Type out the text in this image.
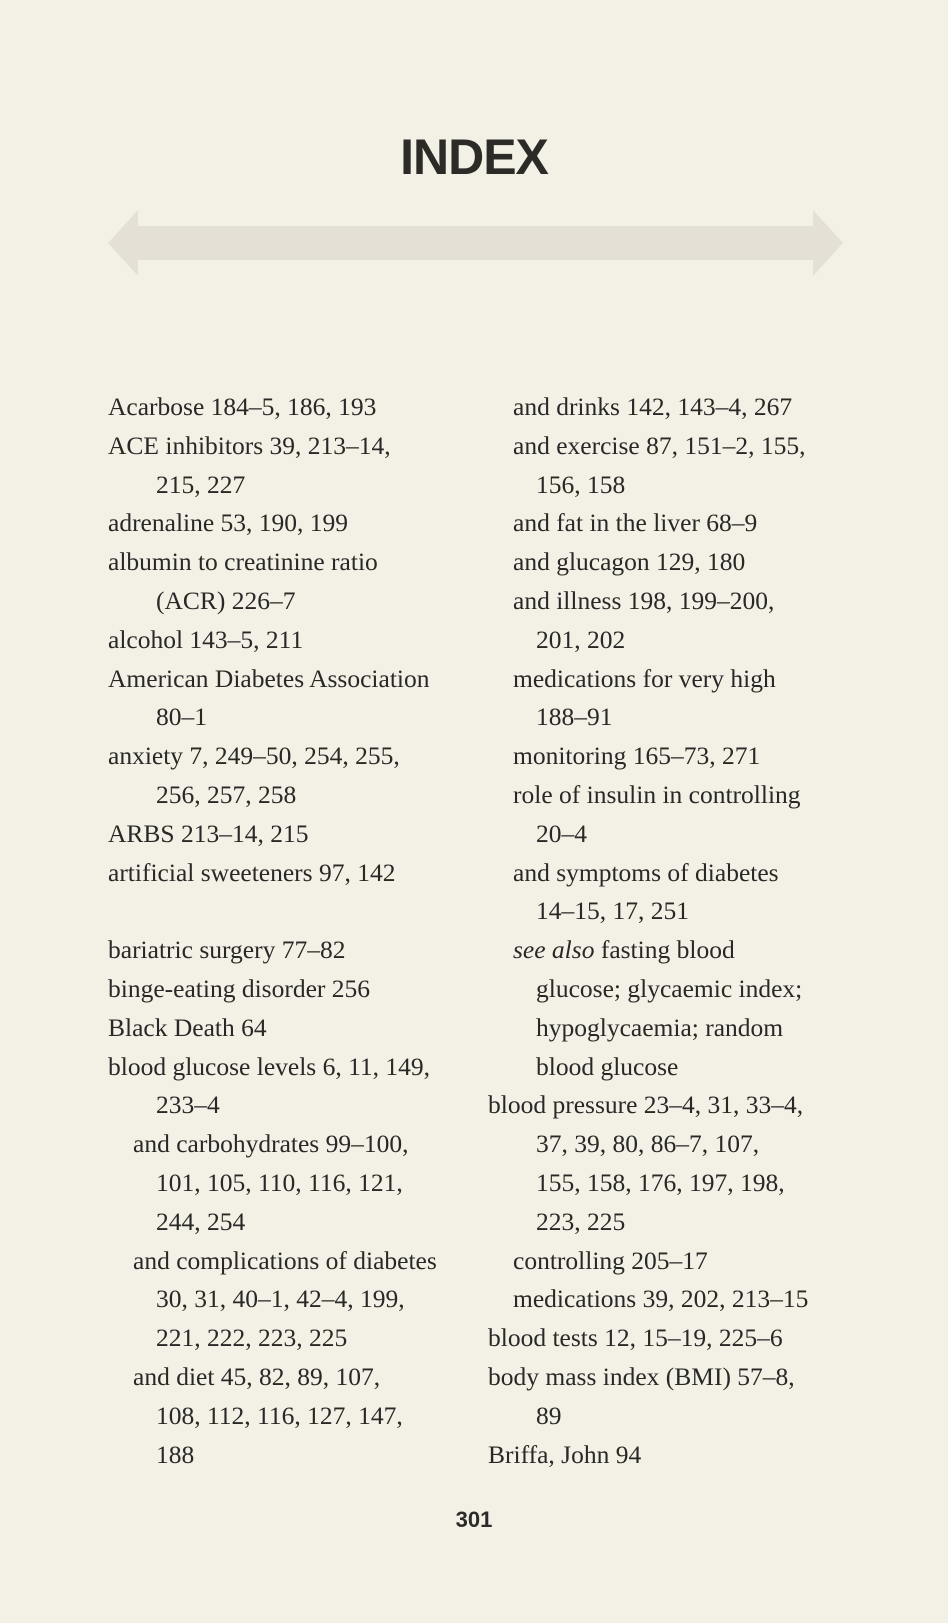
INDEX
Acarbose 184–5, 186, 193
ACE inhibitors 39, 213–14,
215, 227
adrenaline 53, 190, 199
albumin to creatinine ratio
(ACR) 226–7
alcohol 143–5, 211
American Diabetes Association
80–1
anxiety 7, 249–50, 254, 255,
256, 257, 258
ARBS 213–14, 215
artificial sweeteners 97, 142
bariatric surgery 77–82
binge-eating disorder 256
Black Death 64
blood glucose levels 6, 11, 149,
233–4
and carbohydrates 99–100,
101, 105, 110, 116, 121,
244, 254
and complications of diabetes
30, 31, 40–1, 42–4, 199,
221, 222, 223, 225
and diet 45, 82, 89, 107,
108, 112, 116, 127, 147,
188
and drinks 142, 143–4, 267
and exercise 87, 151–2, 155,
156, 158
and fat in the liver 68–9
and glucagon 129, 180
and illness 198, 199–200,
201, 202
medications for very high
188–91
monitoring 165–73, 271
role of insulin in controlling
20–4
and symptoms of diabetes
14–15, 17, 251
see also fasting blood
glucose; glycaemic index;
hypoglycaemia; random
blood glucose
blood pressure 23–4, 31, 33–4,
37, 39, 80, 86–7, 107,
155, 158, 176, 197, 198,
223, 225
controlling 205–17
medications 39, 202, 213–15
blood tests 12, 15–19, 225–6
body mass index (BMI) 57–8,
89
Briffa, John 94
301
